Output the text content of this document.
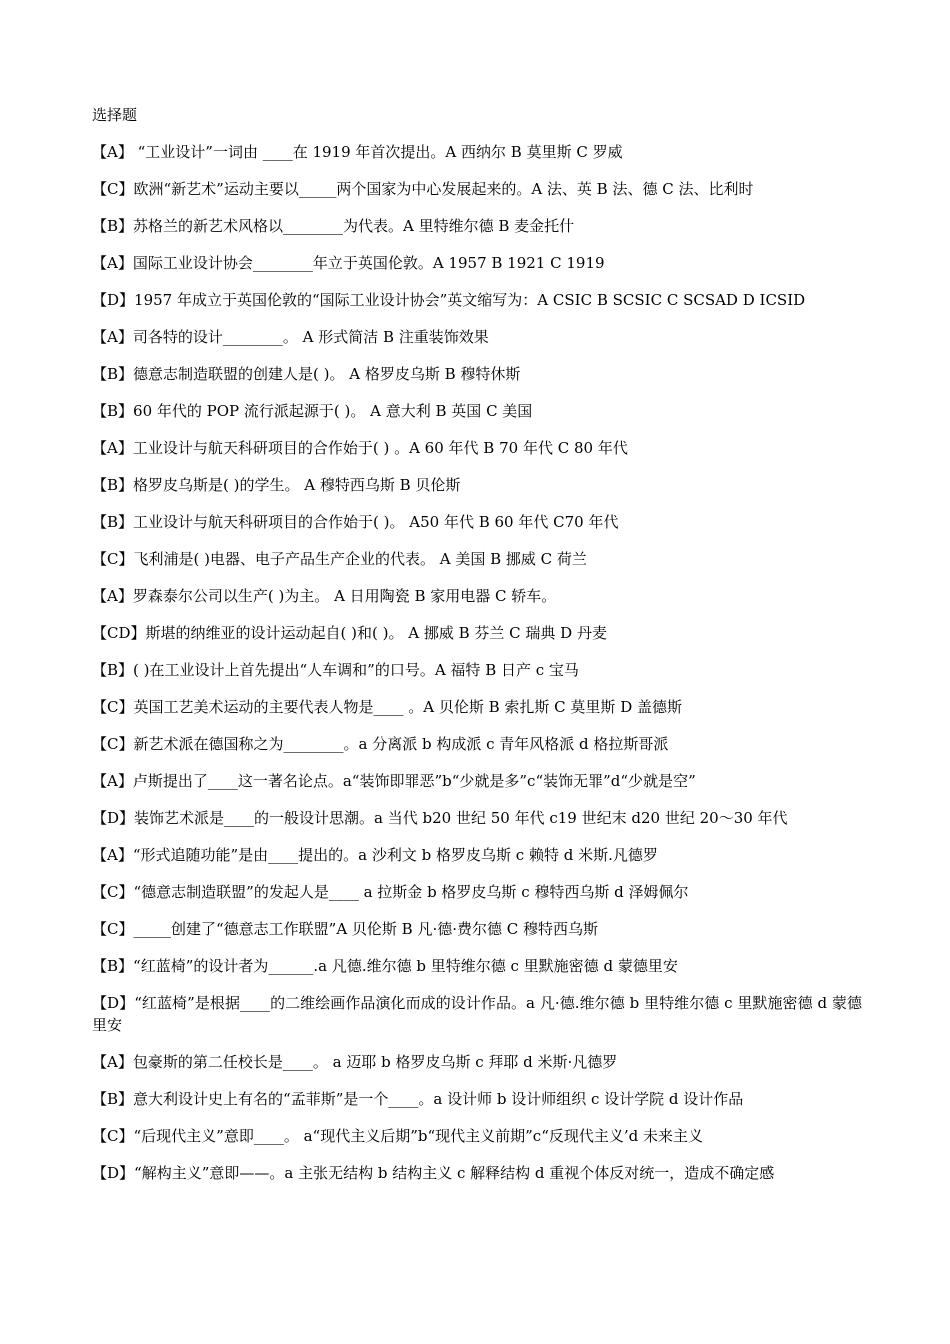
选择题
【A】 “工业设计”一词由 ____在 1919 年首次提出。A 西纳尔 B 莫里斯 C 罗威
【C】欧洲“新艺术”运动主要以_____两个国家为中心发展起来的。A 法、英 B 法、德 C 法、比利时
【B】苏格兰的新艺术风格以________为代表。A 里特维尔德 B 麦金托什
【A】国际工业设计协会________年立于英国伦敦。A 1957 B 1921 C 1919
【D】1957 年成立于英国伦敦的“国际工业设计协会”英文缩写为：A CSIC B SCSIC C SCSAD D ICSID
【A】司各特的设计________。 A 形式简洁 B 注重装饰效果
【B】德意志制造联盟的创建人是( )。 A 格罗皮乌斯 B 穆特休斯
【B】60 年代的 POP 流行派起源于( )。 A 意大利 B 英国 C 美国
【A】工业设计与航天科研项目的合作始于( ) 。A 60 年代 B 70 年代 C 80 年代
【B】格罗皮乌斯是( )的学生。 A 穆特西乌斯 B 贝伦斯
【B】工业设计与航天科研项目的合作始于( )。 A50 年代 B 60 年代 C70 年代
【C】飞利浦是( )电器、电子产品生产企业的代表。 A 美国 B 挪威 C 荷兰
【A】罗森泰尔公司以生产( )为主。 A 日用陶瓷 B 家用电器 C 轿车。
【CD】斯堪的纳维亚的设计运动起自( )和( )。 A 挪威 B 芬兰 C 瑞典 D 丹麦
【B】( )在工业设计上首先提出“人车调和”的口号。A 福特 B 日产 c 宝马
【C】英国工艺美术运动的主要代表人物是____ 。A 贝伦斯 B 索扎斯 C 莫里斯 D 盖德斯
【C】新艺术派在德国称之为________。a 分离派 b 构成派 c 青年风格派 d 格拉斯哥派
【A】卢斯提出了____这一著名论点。a“装饰即罪恶”b“少就是多”c“装饰无罪”d“少就是空”
【D】装饰艺术派是____的一般设计思潮。a 当代 b20 世纪 50 年代 c19 世纪末 d20 世纪 20～30 年代
【A】“形式追随功能”是由____提出的。a 沙利文 b 格罗皮乌斯 c 赖特 d 米斯.凡德罗
【C】“德意志制造联盟”的发起人是____ a 拉斯金 b 格罗皮乌斯 c 穆特西乌斯 d 泽姆佩尔
【C】_____创建了“德意志工作联盟”A 贝伦斯 B 凡·德·费尔德 C 穆特西乌斯
【B】“红蓝椅”的设计者为______.a 凡德.维尔德 b 里特维尔德 c 里默施密德 d 蒙德里安
【D】“红蓝椅”是根据____的二维绘画作品演化而成的设计作品。a 凡·德.维尔德 b 里特维尔德 c 里默施密德 d 蒙德里安
【A】包豪斯的第二任校长是____。 a 迈耶 b 格罗皮乌斯 c 拜耶 d 米斯·凡德罗
【B】意大利设计史上有名的“孟菲斯”是一个____。a 设计师 b 设计师组织 c 设计学院 d 设计作品
【C】“后现代主义”意即____。 a“现代主义后期”b“现代主义前期”c“反现代主义’d 未来主义
【D】“解构主义”意即——。a 主张无结构 b 结构主义 c 解释结构 d 重视个体反对统一，造成不确定感
